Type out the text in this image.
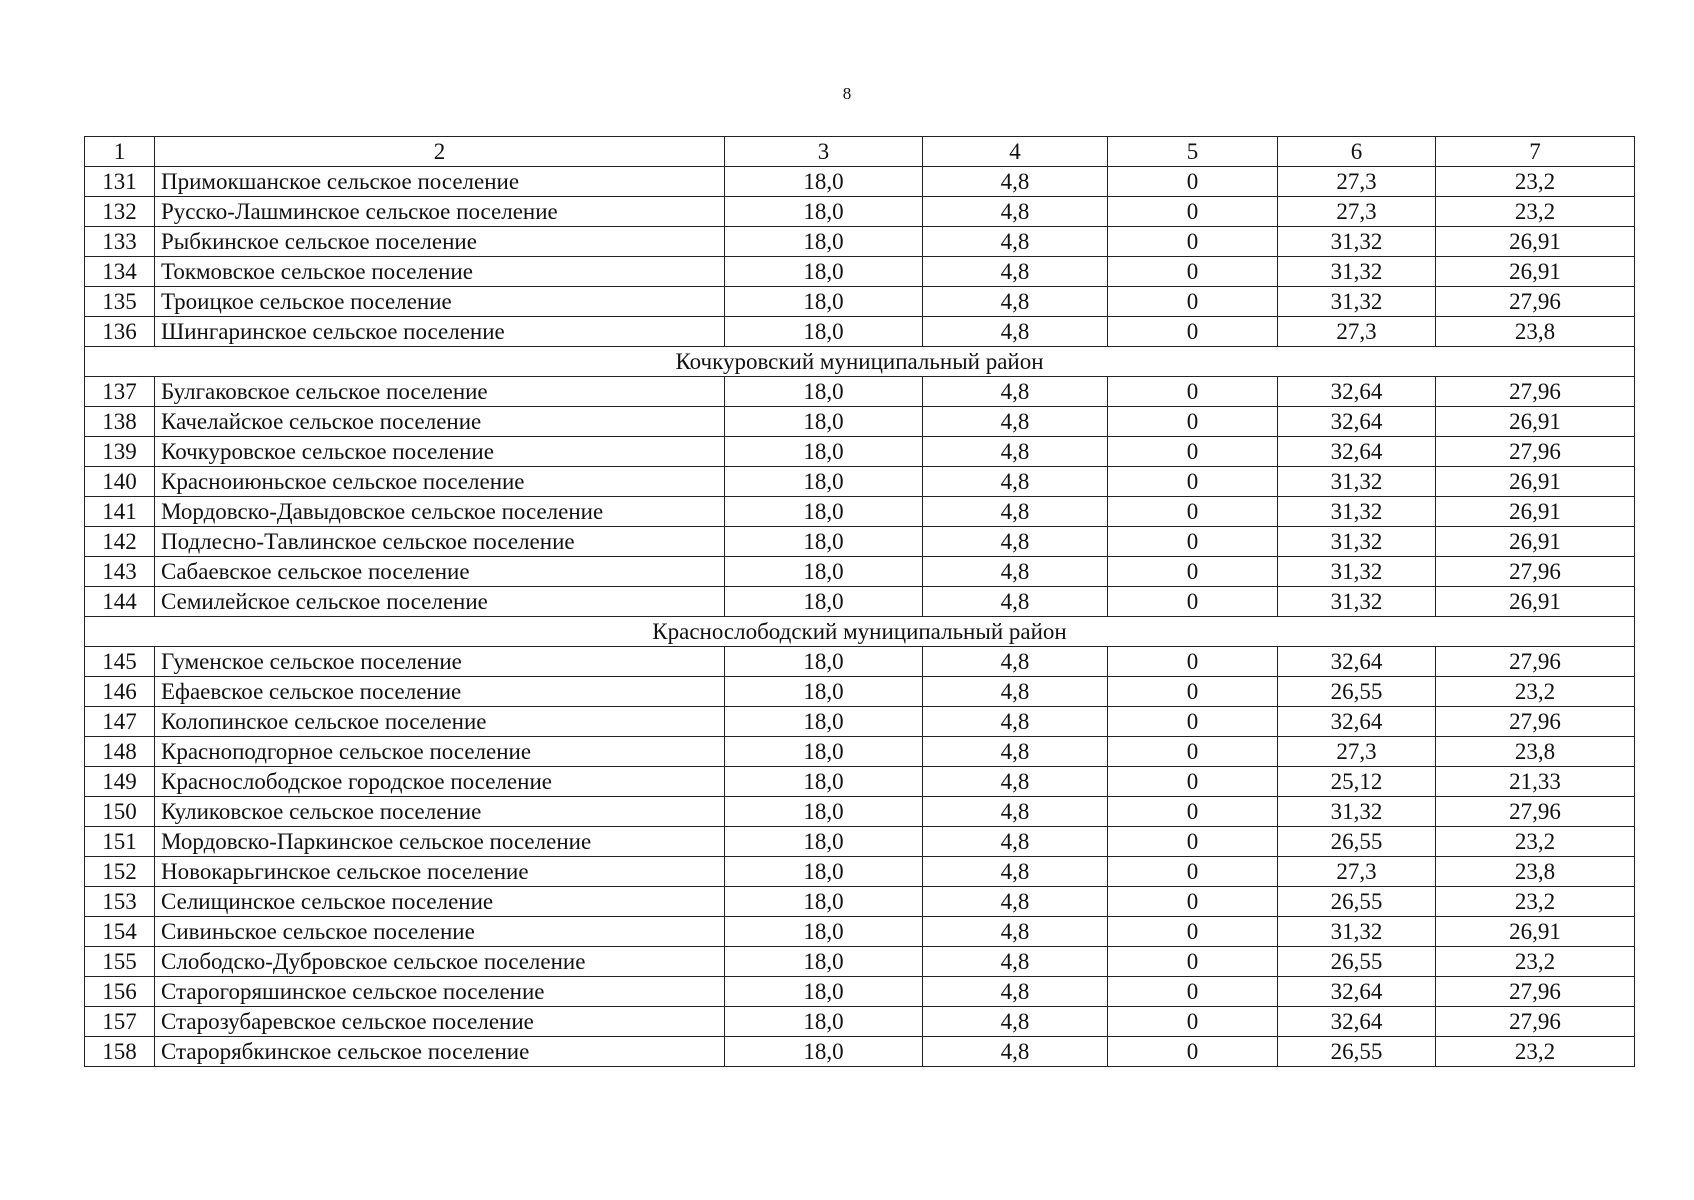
8
1	2	3	4	5	6	7
131	Примокшанское сельское поселение	18,0	4,8	0	27,3	23,2
132	Русско-Лашминское сельское поселение	18,0	4,8	0	27,3	23,2
133	Рыбкинское сельское поселение	18,0	4,8	0	31,32	26,91
134	Токмовское сельское поселение	18,0	4,8	0	31,32	26,91
135	Троицкое сельское поселение	18,0	4,8	0	31,32	27,96
136	Шингаринское сельское поселение	18,0	4,8	0	27,3	23,8
Кочкуровский муниципальный район						
137	Булгаковское сельское поселение	18,0	4,8	0	32,64	27,96
138	Качелайское сельское поселение	18,0	4,8	0	32,64	26,91
139	Кочкуровское сельское поселение	18,0	4,8	0	32,64	27,96
140	Красноиюньское сельское поселение	18,0	4,8	0	31,32	26,91
141	Мордовско-Давыдовское сельское поселение	18,0	4,8	0	31,32	26,91
142	Подлесно-Тавлинское сельское поселение	18,0	4,8	0	31,32	26,91
143	Сабаевское сельское поселение	18,0	4,8	0	31,32	27,96
144	Семилейское сельское поселение	18,0	4,8	0	31,32	26,91
Краснослободский муниципальный район						
145	Гуменское сельское поселение	18,0	4,8	0	32,64	27,96
146	Ефаевское сельское поселение	18,0	4,8	0	26,55	23,2
147	Колопинское сельское поселение	18,0	4,8	0	32,64	27,96
148	Красноподгорное сельское поселение	18,0	4,8	0	27,3	23,8
149	Краснослободское городское поселение	18,0	4,8	0	25,12	21,33
150	Куликовское сельское поселение	18,0	4,8	0	31,32	27,96
151	Мордовско-Паркинское сельское поселение	18,0	4,8	0	26,55	23,2
152	Новокарьгинское сельское поселение	18,0	4,8	0	27,3	23,8
153	Селищинское сельское поселение	18,0	4,8	0	26,55	23,2
154	Сивиньское сельское поселение	18,0	4,8	0	31,32	26,91
155	Слободско-Дубровское сельское поселение	18,0	4,8	0	26,55	23,2
156	Старогоряшинское сельское поселение	18,0	4,8	0	32,64	27,96
157	Старозубаревское сельское поселение	18,0	4,8	0	32,64	27,96
158	Старорябкинское сельское поселение	18,0	4,8	0	26,55	23,2
